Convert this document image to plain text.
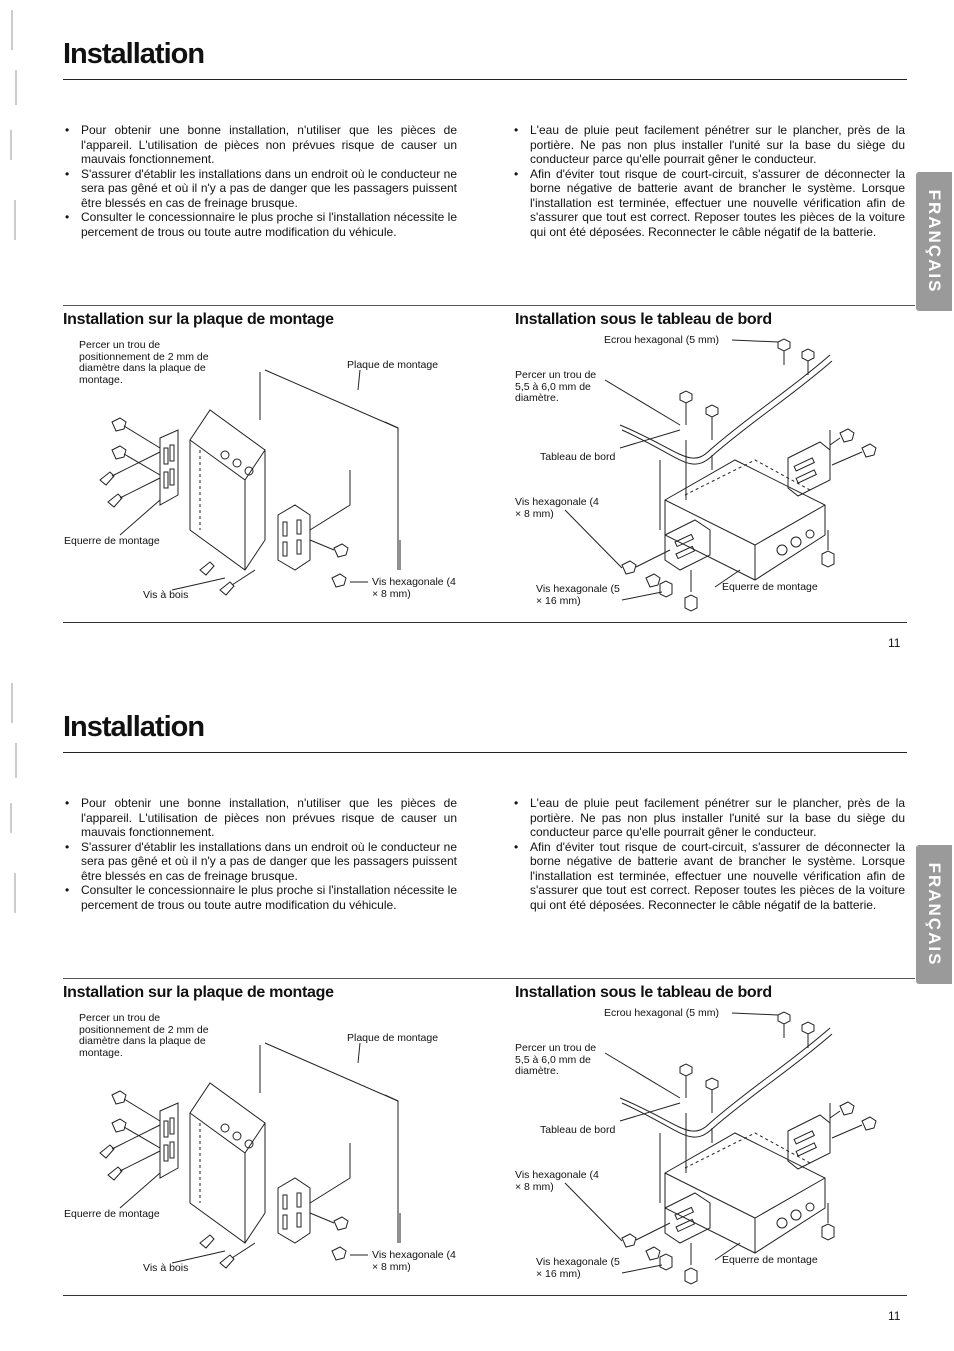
Installation
• Pour obtenir une bonne installation, n'utiliser que les pièces de l'appareil. L'utilisation de pièces non prévues risque de causer un mauvais fonctionnement.
• S'assurer d'établir les installations dans un endroit où le conducteur ne sera pas gêné et où il n'y a pas de danger que les passagers puissent être blessés en cas de freinage brusque.
• Consulter le concessionnaire le plus proche si l'installation nécessite le percement de trous ou toute autre modification du véhicule.
• L'eau de pluie peut facilement pénétrer sur le plancher, près de la portière. Ne pas non plus installer l'unité sur la base du siège du conducteur parce qu'elle pourrait gêner le conducteur.
• Afin d'éviter tout risque de court-circuit, s'assurer de déconnecter la borne négative de batterie avant de brancher le système. Lorsque l'installation est terminée, effectuer une nouvelle vérification afin de s'assurer que tout est correct. Reposer toutes les pièces de la voiture qui ont été déposées. Reconnecter le câble négatif de la batterie.	FRANÇAIS
Installation sur la plaque de montage	Installation sous le tableau de bord

Percer un trou de positionnement de 2 mm de diamètre dans la plaque de montage.

Plaque de montage

Equerre de montage

Vis à bois

Vis hexagonale (4 × 8 mm)

Ecrou hexagonal (5 mm)

Percer un trou de 5,5 à 6,0 mm de diamètre.

Tableau de bord

Vis hexagonale (4 × 8 mm)

Vis hexagonale (5 × 16 mm)

Equerre de montage

11
Installation
• Pour obtenir une bonne installation, n'utiliser que les pièces de l'appareil. L'utilisation de pièces non prévues risque de causer un mauvais fonctionnement.
• S'assurer d'établir les installations dans un endroit où le conducteur ne sera pas gêné et où il n'y a pas de danger que les passagers puissent être blessés en cas de freinage brusque.
• Consulter le concessionnaire le plus proche si l'installation nécessite le percement de trous ou toute autre modification du véhicule.
• L'eau de pluie peut facilement pénétrer sur le plancher, près de la portière. Ne pas non plus installer l'unité sur la base du siège du conducteur parce qu'elle pourrait gêner le conducteur.
• Afin d'éviter tout risque de court-circuit, s'assurer de déconnecter la borne négative de batterie avant de brancher le système. Lorsque l'installation est terminée, effectuer une nouvelle vérification afin de s'assurer que tout est correct. Reposer toutes les pièces de la voiture qui ont été déposées. Reconnecter le câble négatif de la batterie.	FRANÇAIS
Installation sur la plaque de montage	Installation sous le tableau de bord

Percer un trou de positionnement de 2 mm de diamètre dans la plaque de montage.

Plaque de montage

Equerre de montage

Vis à bois

Vis hexagonale (4 × 8 mm)

Ecrou hexagonal (5 mm)

Percer un trou de 5,5 à 6,0 mm de diamètre.

Tableau de bord

Vis hexagonale (4 × 8 mm)

Vis hexagonale (5 × 16 mm)

Equerre de montage

11
